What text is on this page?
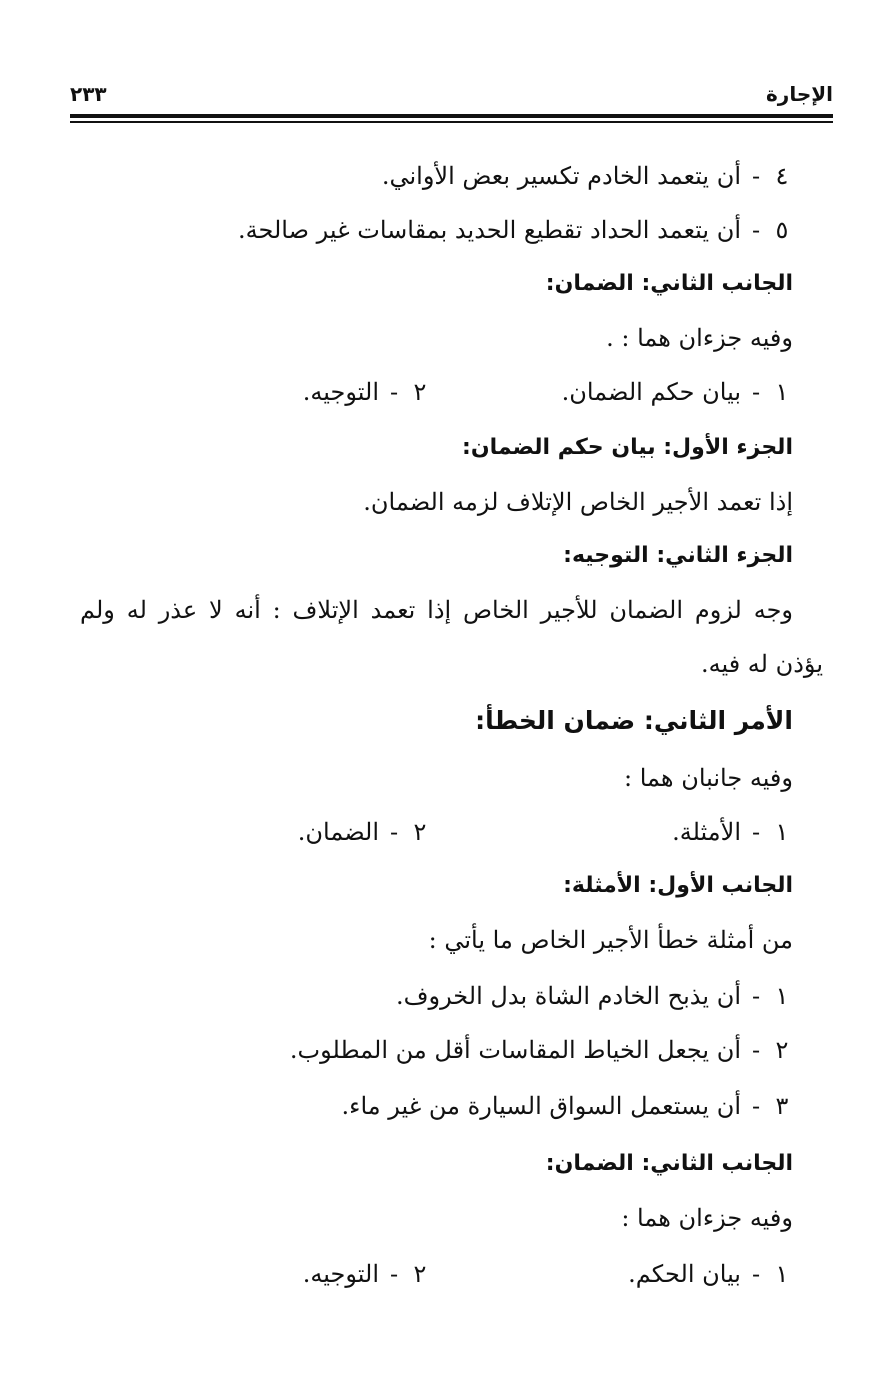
الإجارة
٢٣٣
٤-أن يتعمد الخادم تكسير بعض الأواني.
٥-أن يتعمد الحداد تقطيع الحديد بمقاسات غير صالحة.
الجانب الثاني: الضمان:
وفيه جزءان هما : .
١-بيان حكم الضمان.
٢-التوجيه.
الجزء الأول: بيان حكم الضمان:
إذا تعمد الأجير الخاص الإتلاف لزمه الضمان.
الجزء الثاني: التوجيه:
وجه لزوم الضمان للأجير الخاص إذا تعمد الإتلاف : أنه لا عذر له ولم
يؤذن له فيه.
الأمر الثاني: ضمان الخطأ:
وفيه جانبان هما :
١-الأمثلة.
٢-الضمان.
الجانب الأول: الأمثلة:
من أمثلة خطأ الأجير الخاص ما يأتي :
١-أن يذبح الخادم الشاة بدل الخروف.
٢-أن يجعل الخياط المقاسات أقل من المطلوب.
٣-أن يستعمل السواق السيارة من غير ماء.
الجانب الثاني: الضمان:
وفيه جزءان هما :
١-بيان الحكم.
٢-التوجيه.
